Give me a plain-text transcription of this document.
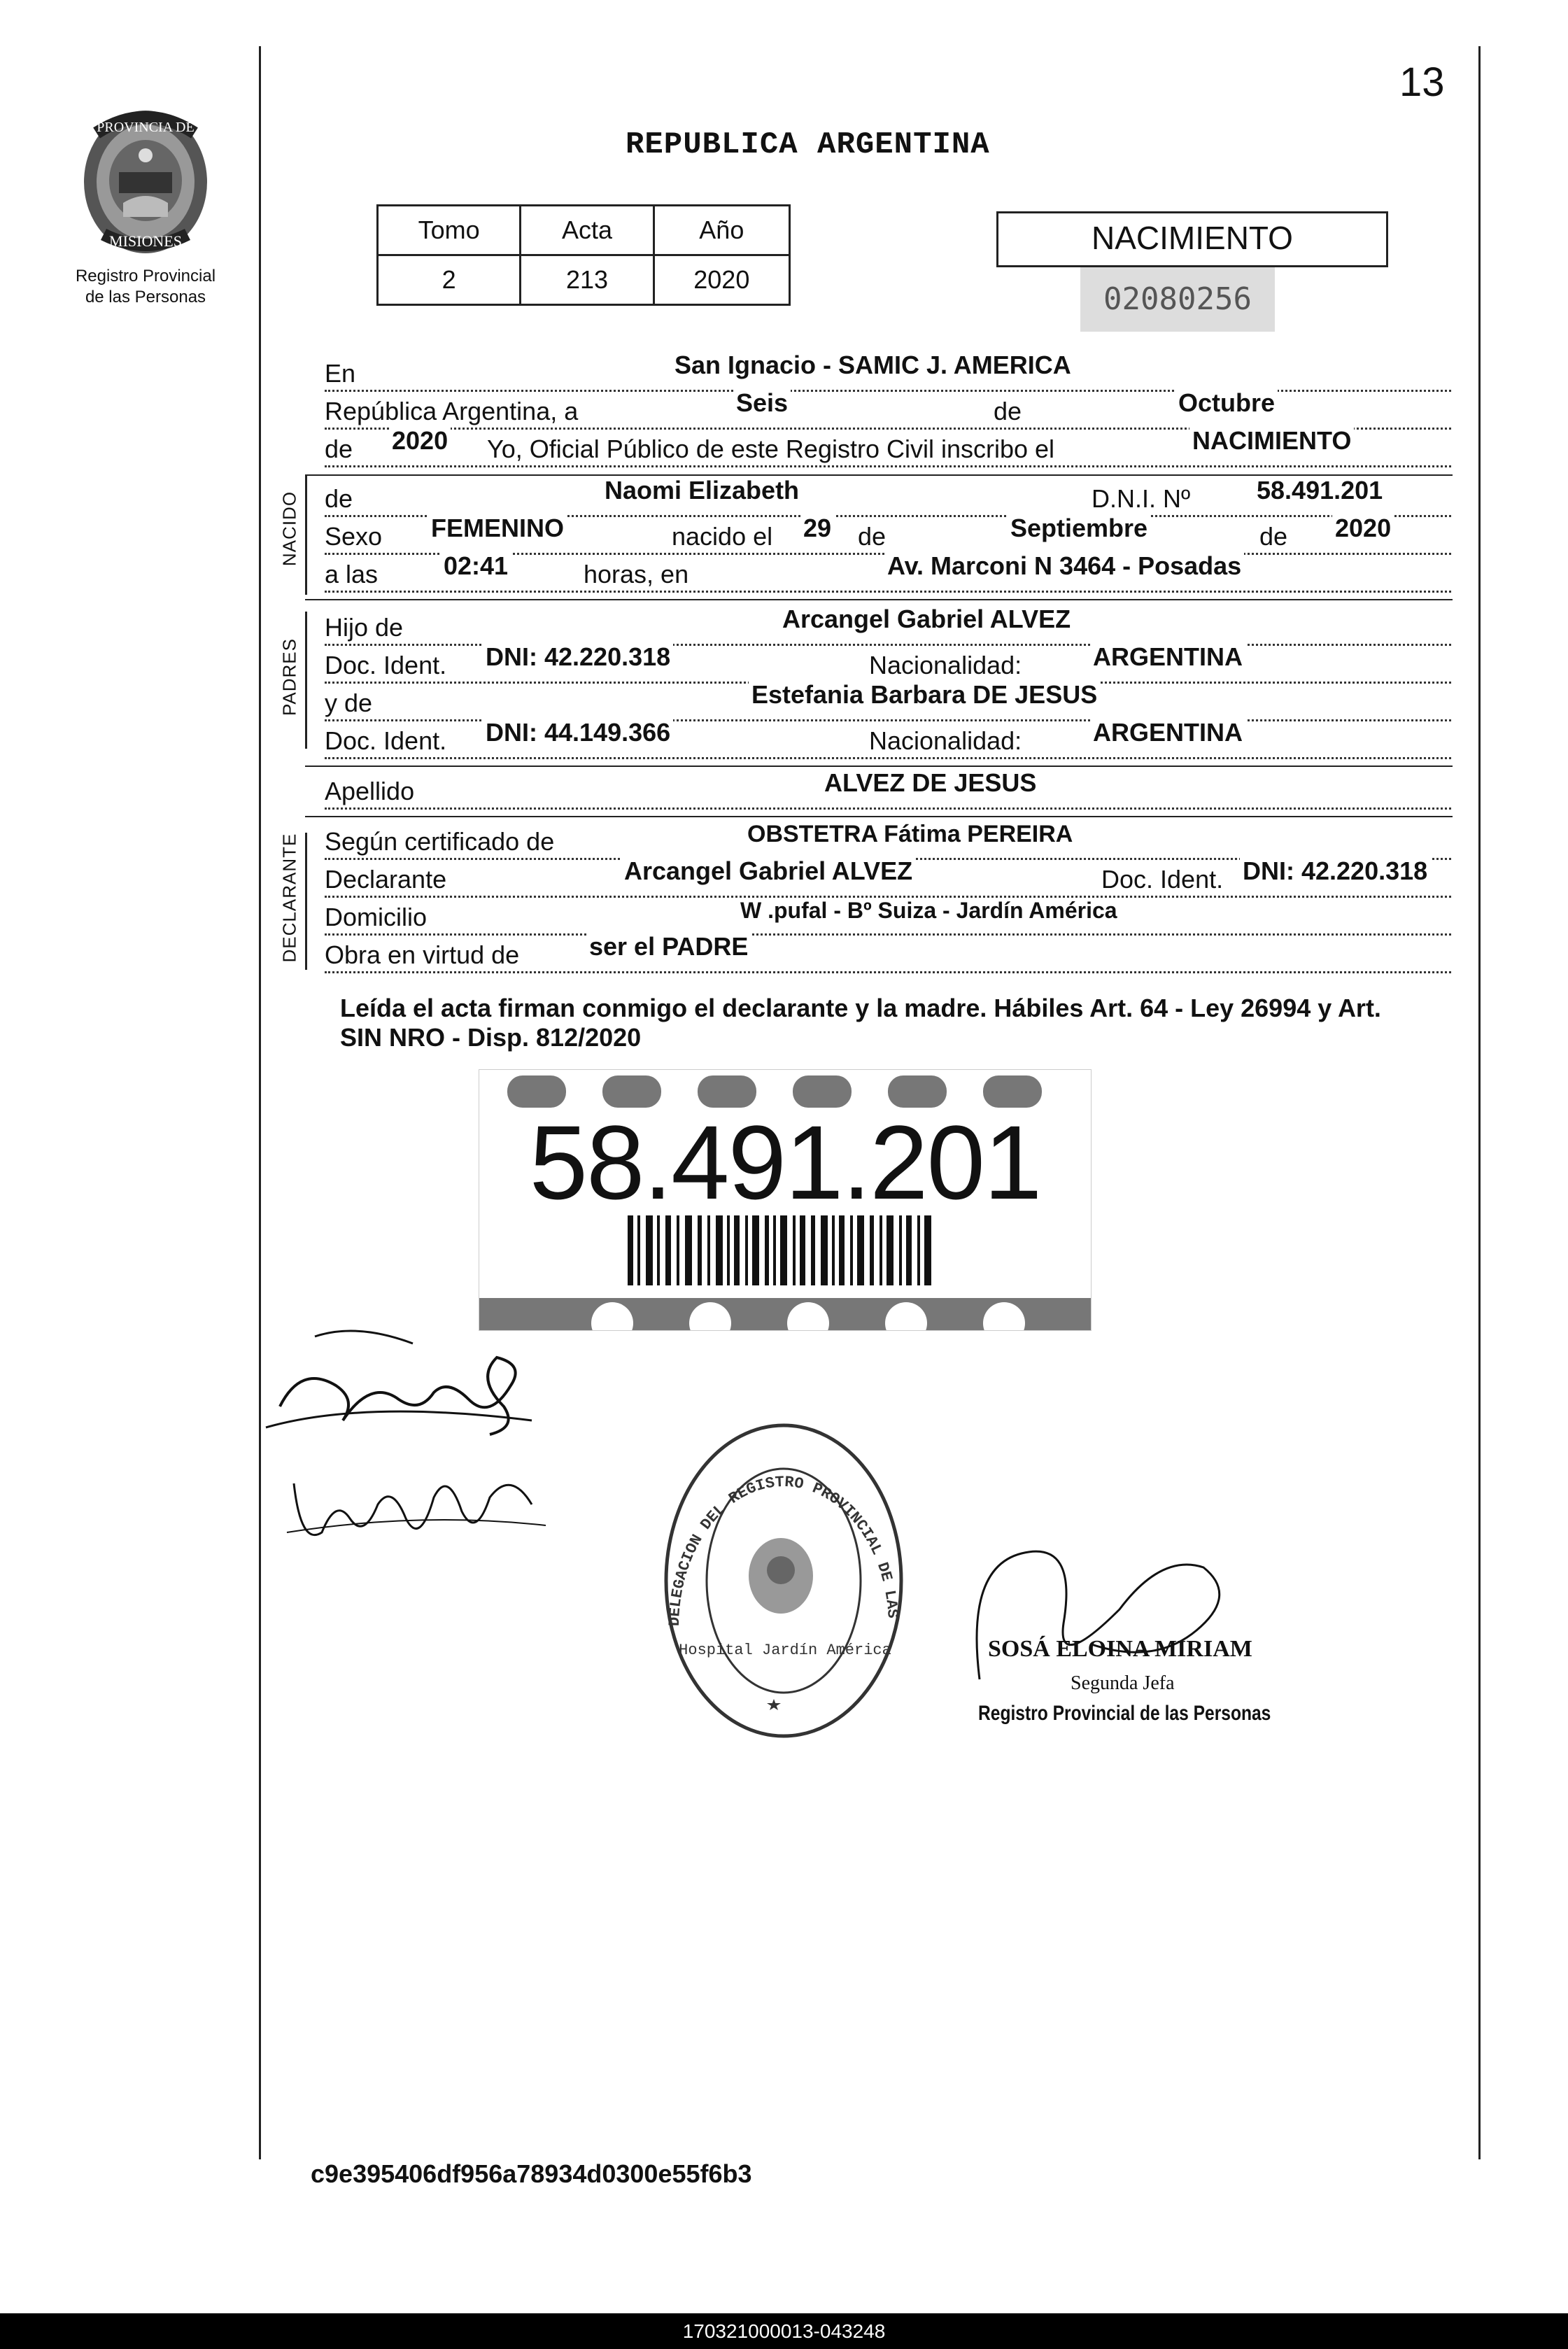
13
PROVINCIA DE
MISIONES
Registro Provincial
de las Personas
REPUBLICA ARGENTINA
Tomo	Acta	Año
2	213	2020
NACIMIENTO
02080256
En	San Ignacio - SAMIC J. AMERICA
República Argentina, a	Seis	de	Octubre
de 2020 Yo, Oficial Público de este Registro Civil inscribo el	NACIMIENTO
NACIDO de	Naomi Elizabeth	D.N.I. Nº	58.491.201
Sexo FEMENINO	nacido el 29 de	Septiembre	de 2020
a las	02:41	horas, en	Av. Marconi N 3464 - Posadas
PADRES
Hijo de	Arcangel Gabriel ALVEZ
Doc. Ident. DNI: 42.220.318	Nacionalidad:	ARGENTINA
y de	Estefania Barbara DE JESUS
Doc. Ident. DNI: 44.149.366	Nacionalidad:	ARGENTINA
Apellido	ALVEZ DE JESUS
DECLARANTE Según certificado de	OBSTETRA Fátima PEREIRA
Declarante	Arcangel Gabriel ALVEZ	Doc. Ident. DNI: 42.220.318
Domicilio	W .pufal - Bº Suiza - Jardín América
Obra en virtud de	ser el PADRE
Leída el acta firman conmigo el declarante y la madre. Hábiles Art. 64 - Ley 26994 y Art. SIN NRO - Disp. 812/2020
58.491.201
DELEGACION DEL REGISTRO PROVINCIAL DE LAS
Hospital Jardín América	SOSÁ ELOINA MIRIAM
Segunda Jefa
Registro Provincial de las Personas
c9e395406df956a78934d0300e55f6b3
170321000013-043248
